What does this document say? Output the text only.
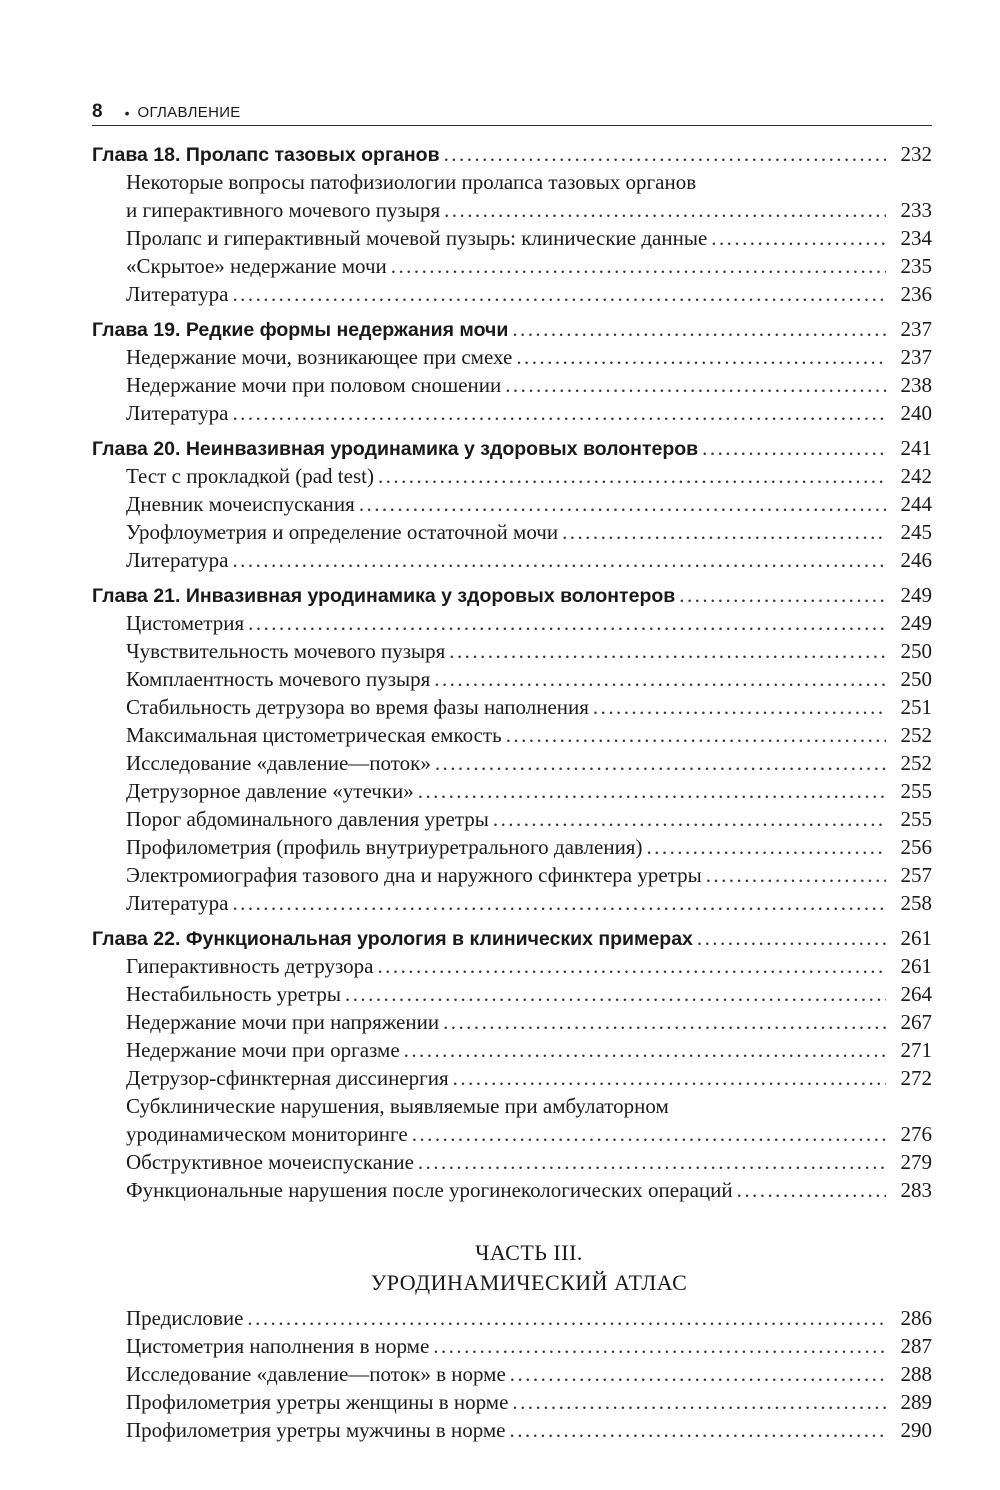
8 • ОГЛАВЛЕНИЕ
Глава 18. Пролапс тазовых органов . . .	232
Некоторые вопросы патофизиологии пролапса тазовых органов
и гиперактивного мочевого пузыря . . .	233
Пролапс и гиперактивный мочевой пузырь: клинические данные . . .	234
«Скрытое» недержание мочи . . .	235
Литература . . .	236
Глава 19. Редкие формы недержания мочи . . .	237
Недержание мочи, возникающее при смехе . . .	237
Недержание мочи при половом сношении . . .	238
Литература . . .	240
Глава 20. Неинвазивная уродинамика у здоровых волонтеров . . .	241
Тест с прокладкой (pad test) . . .	242
Дневник мочеиспускания . . .	244
Урофлоуметрия и определение остаточной мочи . . .	245
Литература . . .	246
Глава 21. Инвазивная уродинамика у здоровых волонтеров . . .	249
Цистометрия . . .	249
Чувствительность мочевого пузыря . . .	250
Комплаентность мочевого пузыря . . .	250
Стабильность детрузора во время фазы наполнения . . .	251
Максимальная цистометрическая емкость . . .	252
Исследование «давление—поток» . . .	252
Детрузорное давление «утечки» . . .	255
Порог абдоминального давления уретры . . .	255
Профилометрия (профиль внутриуретрального давления) . . .	256
Электромиография тазового дна и наружного сфинктера уретры . . .	257
Литература . . .	258
Глава 22. Функциональная урология в клинических примерах . . .	261
Гиперактивность детрузора . . .	261
Нестабильность уретры . . .	264
Недержание мочи при напряжении . . .	267
Недержание мочи при оргазме . . .	271
Детрузор-сфинктерная диссинергия . . .	272
Субклинические нарушения, выявляемые при амбулаторном
уродинамическом мониторинге . . .	276
Обструктивное мочеиспускание . . .	279
Функциональные нарушения после урогинекологических операций . . .	283
ЧАСТЬ III.
УРОДИНАМИЧЕСКИЙ АТЛАС
Предисловие . . .	286
Цистометрия наполнения в норме . . .	287
Исследование «давление—поток» в норме . . .	288
Профилометрия уретры женщины в норме . . .	289
Профилометрия уретры мужчины в норме . . .	290
